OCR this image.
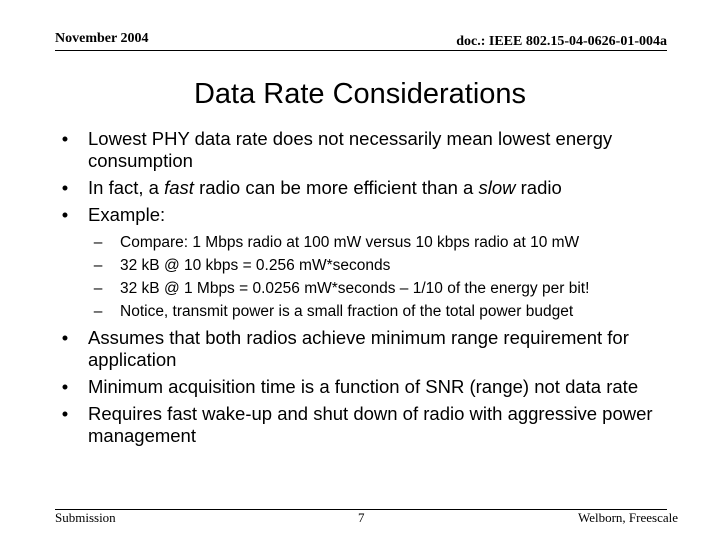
November 2004	doc.: IEEE 802.15-04-0626-01-004a
Data Rate Considerations
• Lowest PHY data rate does not necessarily mean lowest energy consumption
• In fact, a fast radio can be more efficient than a slow radio
• Example:
–	Compare: 1 Mbps radio at 100 mW versus 10 kbps radio at 10 mW
–	32 kB @ 10 kbps = 0.256 mW*seconds
–	32 kB @ 1 Mbps = 0.0256 mW*seconds – 1/10 of the energy per bit!
–	Notice, transmit power is a small fraction of the total power budget
• Assumes that both radios achieve minimum range requirement for application
• Minimum acquisition time is a function of SNR (range) not data rate
• Requires fast wake-up and shut down of radio with aggressive power management
Submission	7	Welborn, Freescale
